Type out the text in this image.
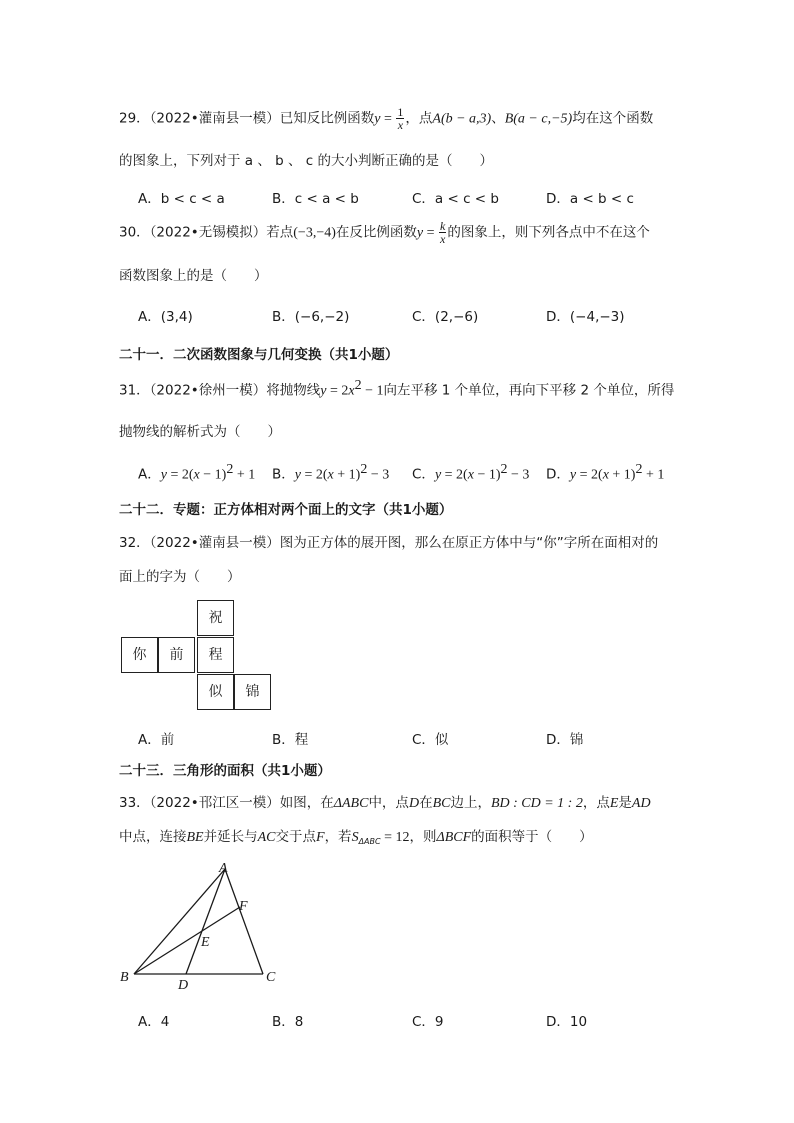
29．（2022•灌南县一模）已知反比例函数$y = \frac{1}{x}$ ，点A(b − a,3)、B(a − c,−5)均在这个函数
的图象上，下列对于 a 、 b 、 c 的大小判断正确的是（　　）
A．b < c < a	B．c < a < b	C．a < c < b	D．a < b < c
30．（2022•无锡模拟）若点(−3,−4)在反比例函数$y = \frac{k}{x}$ 的图象上，则下列各点中不在这个
函数图象上的是（　　）
A．(3,4)	B．(−6,−2)	C．(2,−6)	D．(−4,−3)
二十一．二次函数图象与几何变换（共1小题）
31．（2022•徐州一模）将抛物线$y = 2x^2 - 1$向左平移 1 个单位，再向下平移 2 个单位，所得
抛物线的解析式为（　　）
A．$y = 2(x - 1)^2 + 1$ B．$y = 2(x + 1)^2 - 3$ C．$y = 2(x - 1)^2 - 3$ D．$y = 2(x + 1)^2 + 1$
二十二．专题：正方体相对两个面上的文字（共1小题）
32．（2022•灌南县一模）图为正方体的展开图，那么在原正方体中与“你”字所在面相对的
面上的字为（　　）
祝
你	前	程
似	锦
A．前	B．程	C．似	D．锦
二十三．三角形的面积（共1小题）
33．（2022•邗江区一模）如图，在ΔABC中，点D在BC边上，BD : CD = 1 : 2，点E是AD
中点，连接BE并延长与AC交于点F，若$S_{\Delta ABC} = 12$，则ΔBCF的面积等于（　　）
A
B	C
D
E
F
A．4	B．8	C．9	D．10
